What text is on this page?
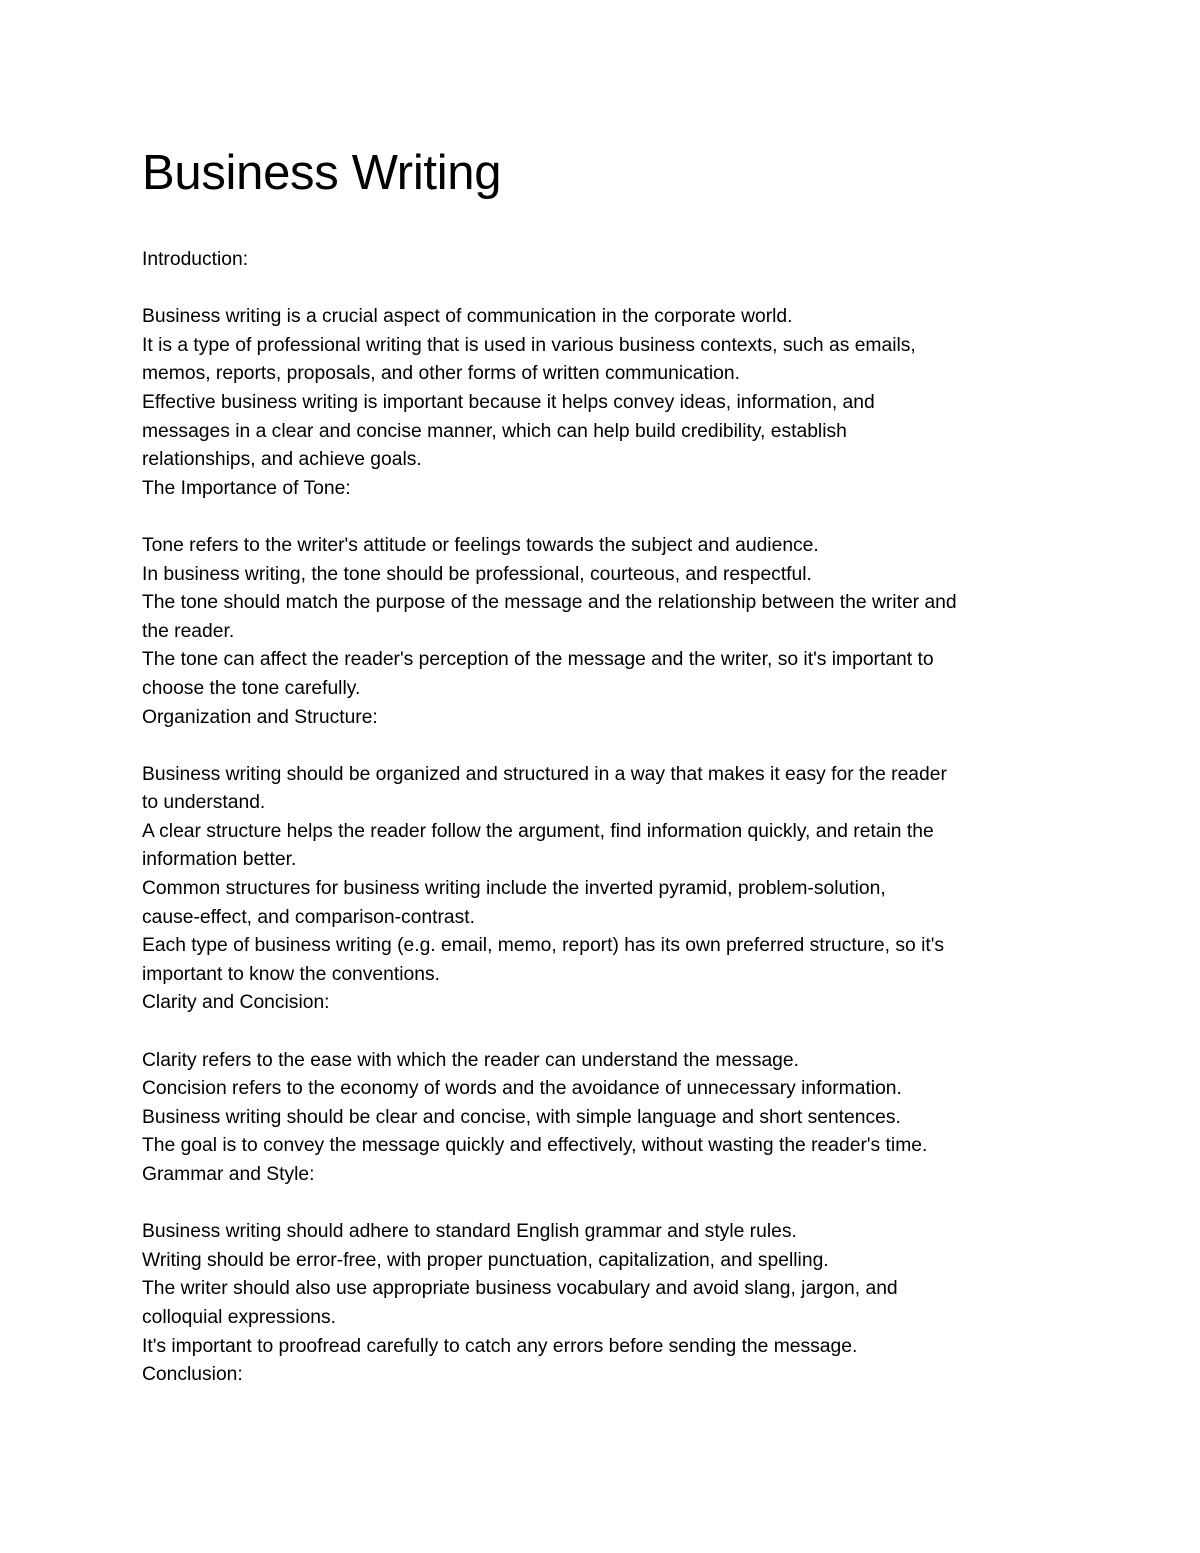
Business Writing
Introduction:
Business writing is a crucial aspect of communication in the corporate world.
It is a type of professional writing that is used in various business contexts, such as emails,
memos, reports, proposals, and other forms of written communication.
Effective business writing is important because it helps convey ideas, information, and
messages in a clear and concise manner, which can help build credibility, establish
relationships, and achieve goals.
The Importance of Tone:
Tone refers to the writer's attitude or feelings towards the subject and audience.
In business writing, the tone should be professional, courteous, and respectful.
The tone should match the purpose of the message and the relationship between the writer and
the reader.
The tone can affect the reader's perception of the message and the writer, so it's important to
choose the tone carefully.
Organization and Structure:
Business writing should be organized and structured in a way that makes it easy for the reader
to understand.
A clear structure helps the reader follow the argument, find information quickly, and retain the
information better.
Common structures for business writing include the inverted pyramid, problem-solution,
cause-effect, and comparison-contrast.
Each type of business writing (e.g. email, memo, report) has its own preferred structure, so it's
important to know the conventions.
Clarity and Concision:
Clarity refers to the ease with which the reader can understand the message.
Concision refers to the economy of words and the avoidance of unnecessary information.
Business writing should be clear and concise, with simple language and short sentences.
The goal is to convey the message quickly and effectively, without wasting the reader's time.
Grammar and Style:
Business writing should adhere to standard English grammar and style rules.
Writing should be error-free, with proper punctuation, capitalization, and spelling.
The writer should also use appropriate business vocabulary and avoid slang, jargon, and
colloquial expressions.
It's important to proofread carefully to catch any errors before sending the message.
Conclusion:
